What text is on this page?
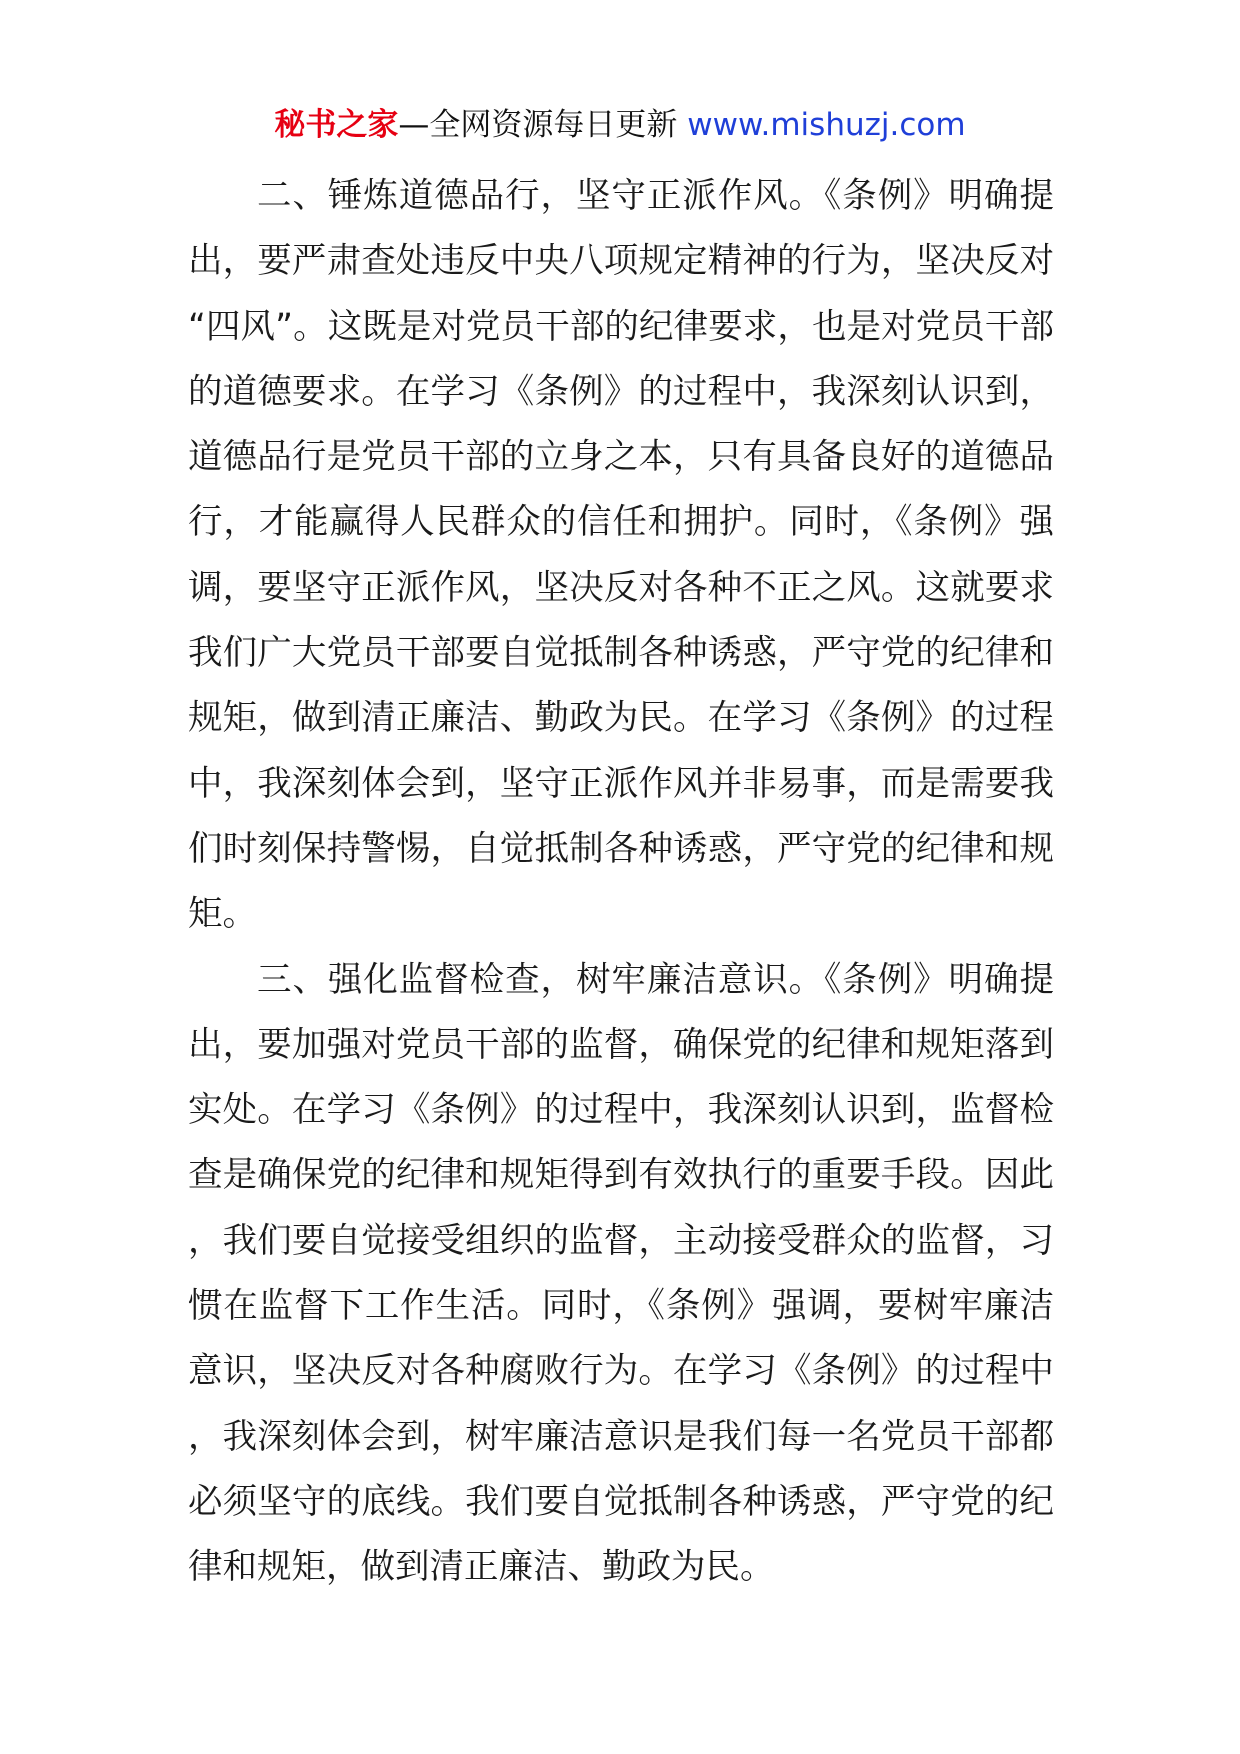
秘书之家—全网资源每日更新 www.mishuzj.com

二、锤炼道德品行，坚守正派作风。《条例》明确提出，要严肃查处违反中央八项规定精神的行为，坚决反对“四风”。这既是对党员干部的纪律要求，也是对党员干部的道德要求。在学习《条例》的过程中，我深刻认识到，道德品行是党员干部的立身之本，只有具备良好的道德品行，才能赢得人民群众的信任和拥护。同时，《条例》强调，要坚守正派作风，坚决反对各种不正之风。这就要求我们广大党员干部要自觉抵制各种诱惑，严守党的纪律和规矩，做到清正廉洁、勤政为民。在学习《条例》的过程中，我深刻体会到，坚守正派作风并非易事，而是需要我们时刻保持警惕，自觉抵制各种诱惑，严守党的纪律和规矩。

三、强化监督检查，树牢廉洁意识。《条例》明确提出，要加强对党员干部的监督，确保党的纪律和规矩落到实处。在学习《条例》的过程中，我深刻认识到，监督检查是确保党的纪律和规矩得到有效执行的重要手段。因此，我们要自觉接受组织的监督，主动接受群众的监督，习惯在监督下工作生活。同时，《条例》强调，要树牢廉洁意识，坚决反对各种腐败行为。在学习《条例》的过程中，我深刻体会到，树牢廉洁意识是我们每一名党员干部都必须坚守的底线。我们要自觉抵制各种诱惑，严守党的纪律和规矩，做到清正廉洁、勤政为民。
